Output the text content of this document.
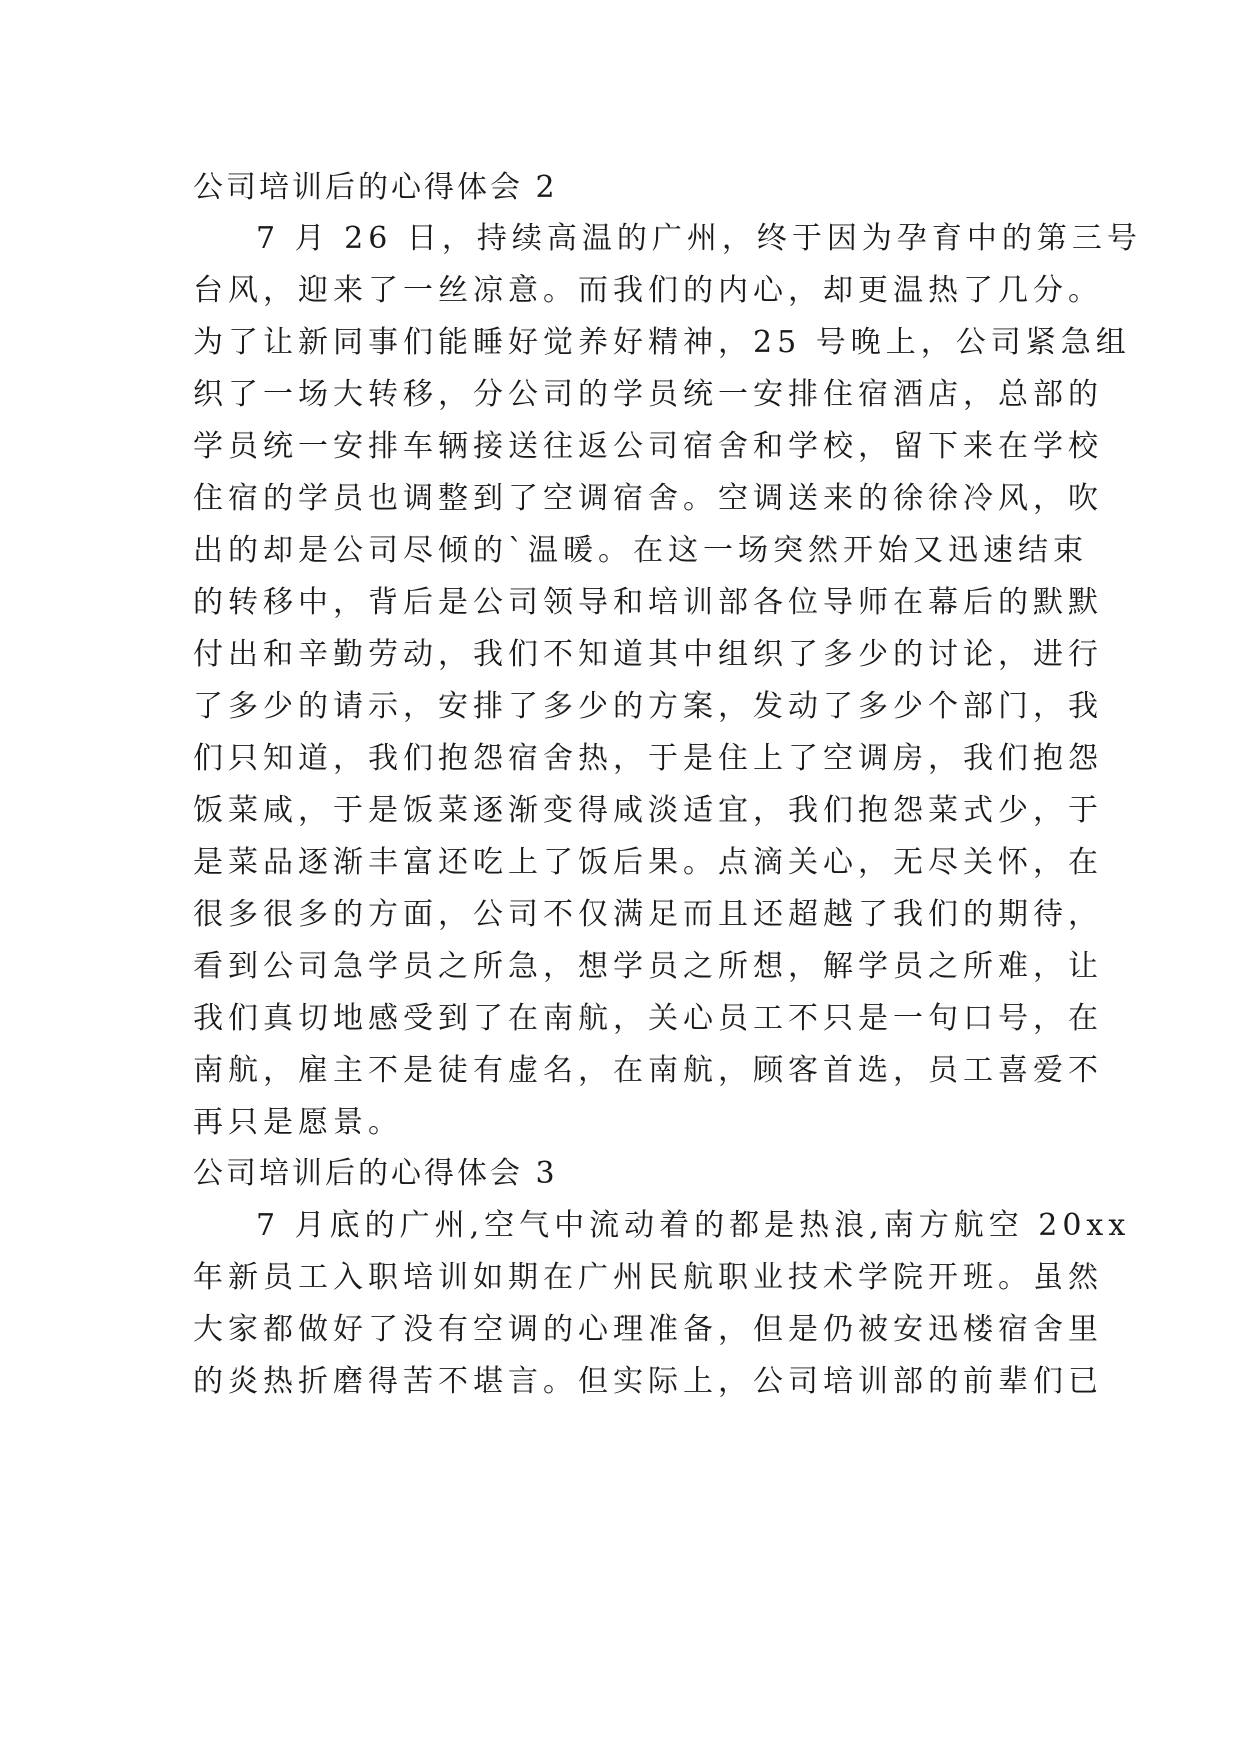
公司培训后的心得体会 2
7 月 26 日，持续高温的广州，终于因为孕育中的第三号
台风，迎来了一丝凉意。而我们的内心，却更温热了几分。
为了让新同事们能睡好觉养好精神，25 号晚上，公司紧急组
织了一场大转移，分公司的学员统一安排住宿酒店，总部的
学员统一安排车辆接送往返公司宿舍和学校，留下来在学校
住宿的学员也调整到了空调宿舍。空调送来的徐徐冷风，吹
出的却是公司尽倾的`温暖。在这一场突然开始又迅速结束
的转移中，背后是公司领导和培训部各位导师在幕后的默默
付出和辛勤劳动，我们不知道其中组织了多少的讨论，进行
了多少的请示，安排了多少的方案，发动了多少个部门，我
们只知道，我们抱怨宿舍热，于是住上了空调房，我们抱怨
饭菜咸，于是饭菜逐渐变得咸淡适宜，我们抱怨菜式少，于
是菜品逐渐丰富还吃上了饭后果。点滴关心，无尽关怀，在
很多很多的方面，公司不仅满足而且还超越了我们的期待，
看到公司急学员之所急，想学员之所想，解学员之所难，让
我们真切地感受到了在南航，关心员工不只是一句口号，在
南航，雇主不是徒有虚名，在南航，顾客首选，员工喜爱不
再只是愿景。
公司培训后的心得体会 3
7 月底的广州,空气中流动着的都是热浪,南方航空 20xx
年新员工入职培训如期在广州民航职业技术学院开班。虽然
大家都做好了没有空调的心理准备，但是仍被安迅楼宿舍里
的炎热折磨得苦不堪言。但实际上，公司培训部的前辈们已
